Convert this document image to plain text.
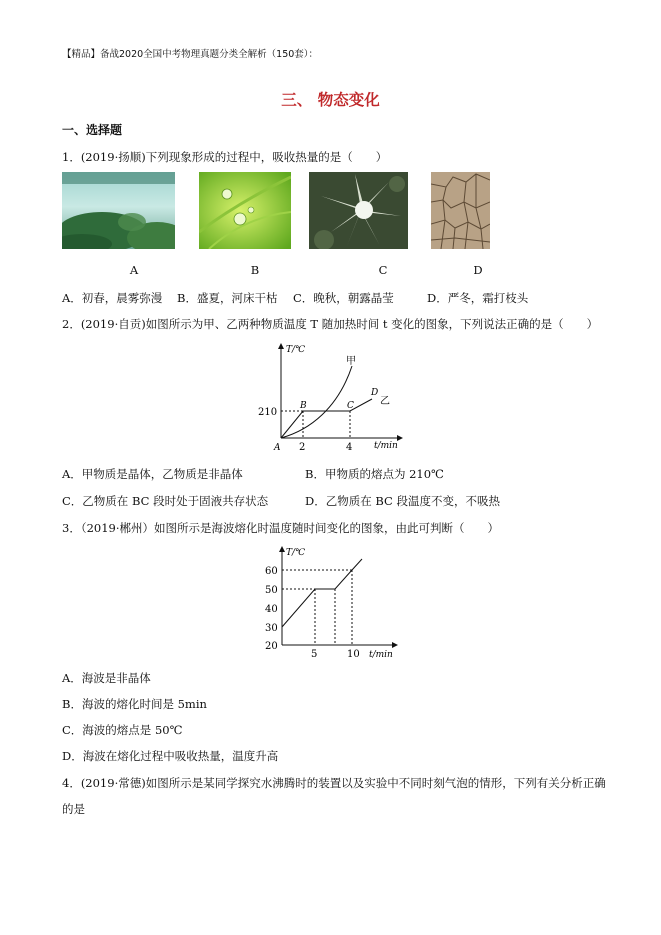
【精品】备战2020全国中考物理真题分类全解析（150套）：
三、 物态变化
一、选择题
1．(2019·扬顺)下列现象形成的过程中，吸收热量的是（　　）
A	B	C	D
A．初春，晨雾弥漫 B．盛夏，河床干枯 C．晚秋，朝露晶莹	D．严冬，霜打枝头
2．(2019·自贡)如图所示为甲、乙两种物质温度 T 随加热时间 t 变化的图象，下列说法正确的是（　　）
T/℃
t/min
210
2	4
甲
乙
A
B	C
D
A．甲物质是晶体，乙物质是非晶体	B．甲物质的熔点为 210℃
C．乙物质在 BC 段时处于固液共存状态	D．乙物质在 BC 段温度不变，不吸热
3．（2019·郴州）如图所示是海波熔化时温度随时间变化的图象，由此可判断（　　）
T/℃
t/min
60
50
40
30
20
5	10
A．海波是非晶体
B．海波的熔化时间是 5min
C．海波的熔点是 50℃
D．海波在熔化过程中吸收热量，温度升高
4．(2019·常德)如图所示是某同学探究水沸腾时的装置以及实验中不同时刻气泡的情形，下列有关分析正确
的是
